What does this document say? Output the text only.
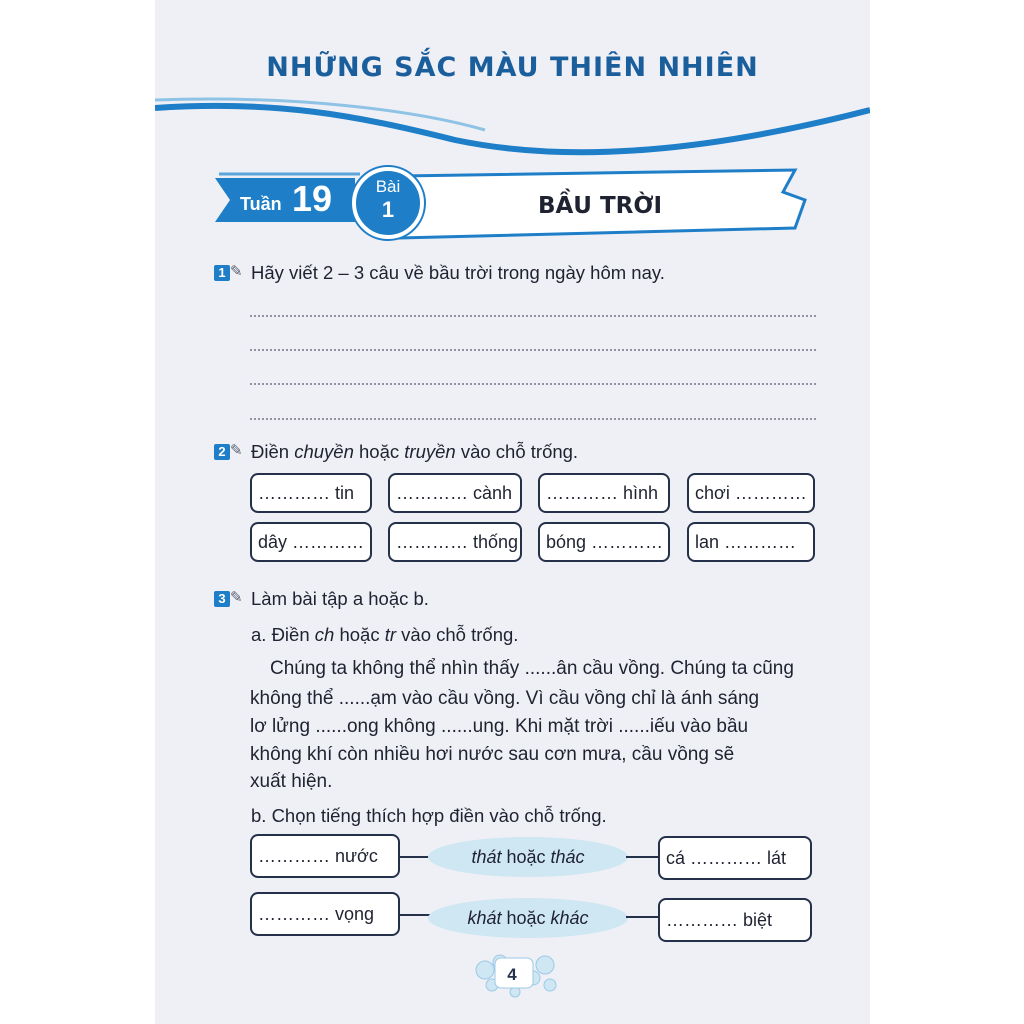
NHỮNG SẮC MÀU THIÊN NHIÊN
Tuần 19	Bài
1	BẦU TRỜI
1 ✎ Hãy viết 2 – 3 câu về bầu trời trong ngày hôm nay.
2 ✎ Điền chuyền hoặc truyền vào chỗ trống.
………… tin	………… cành	………… hình	chơi …………
dây …………	………… thống	bóng …………	lan …………
3 ✎ Làm bài tập a hoặc b.
a. Điền ch hoặc tr vào chỗ trống.
Chúng ta không thể nhìn thấy ......ân cầu vồng. Chúng ta cũng
không thể ......ạm vào cầu vồng. Vì cầu vồng chỉ là ánh sáng
lơ lửng ......ong không ......ung. Khi mặt trời ......iếu vào bầu
không khí còn nhiều hơi nước sau cơn mưa, cầu vồng sẽ
xuất hiện.
b. Chọn tiếng thích hợp điền vào chỗ trống.
………… nước	thát hoặc thác	cá ………… lát
………… vọng	khát hoặc khác	………… biệt
4
